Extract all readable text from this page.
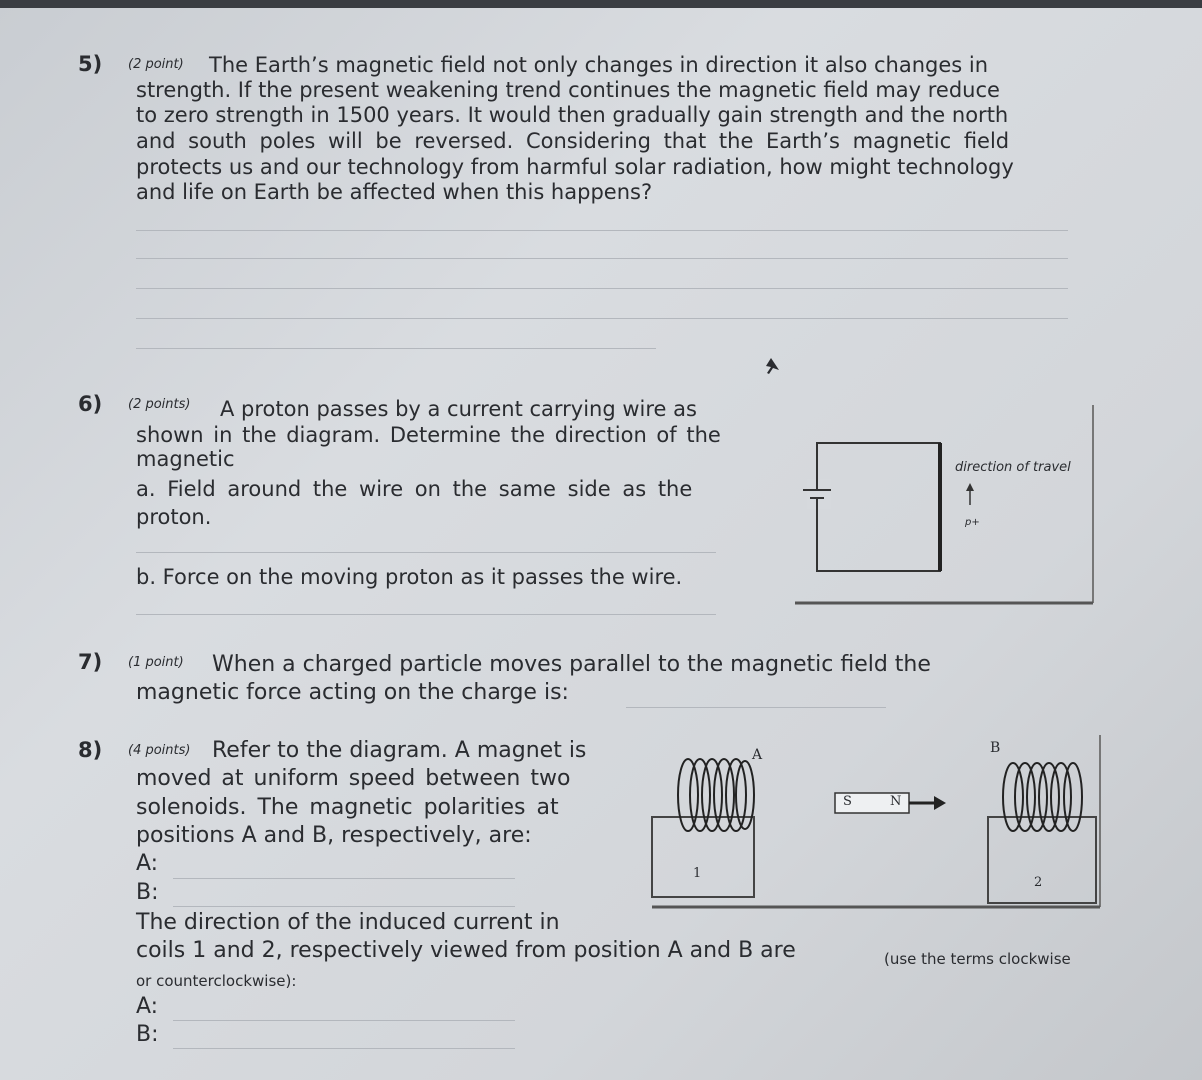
5) (2 point) The Earth’s magnetic field not only changes in direction it also changes in
strength. If the present weakening trend continues the magnetic field may reduce
to zero strength in 1500 years. It would then gradually gain strength and the north
and south poles will be reversed. Considering that the Earth’s magnetic field
protects us and our technology from harmful solar radiation, how might technology
and life on Earth be affected when this happens?
6) (2 points) A proton passes by a current carrying wire as
shown in the diagram. Determine the direction of the
magnetic
a. Field around the wire on the same side as the
proton.
b. Force on the moving proton as it passes the wire.
direction of travel
p+
7) (1 point) When a charged particle moves parallel to the magnetic field the
magnetic force acting on the charge is:
8) (4 points) Refer to the diagram. A magnet is
moved at uniform speed between two
solenoids. The magnetic polarities at
positions A and B, respectively, are:
A:
B:
The direction of the induced current in
coils 1 and 2, respectively viewed from position A and B are	(use the terms clockwise
or counterclockwise):
A:
B:
A	B
1
2
S	N
